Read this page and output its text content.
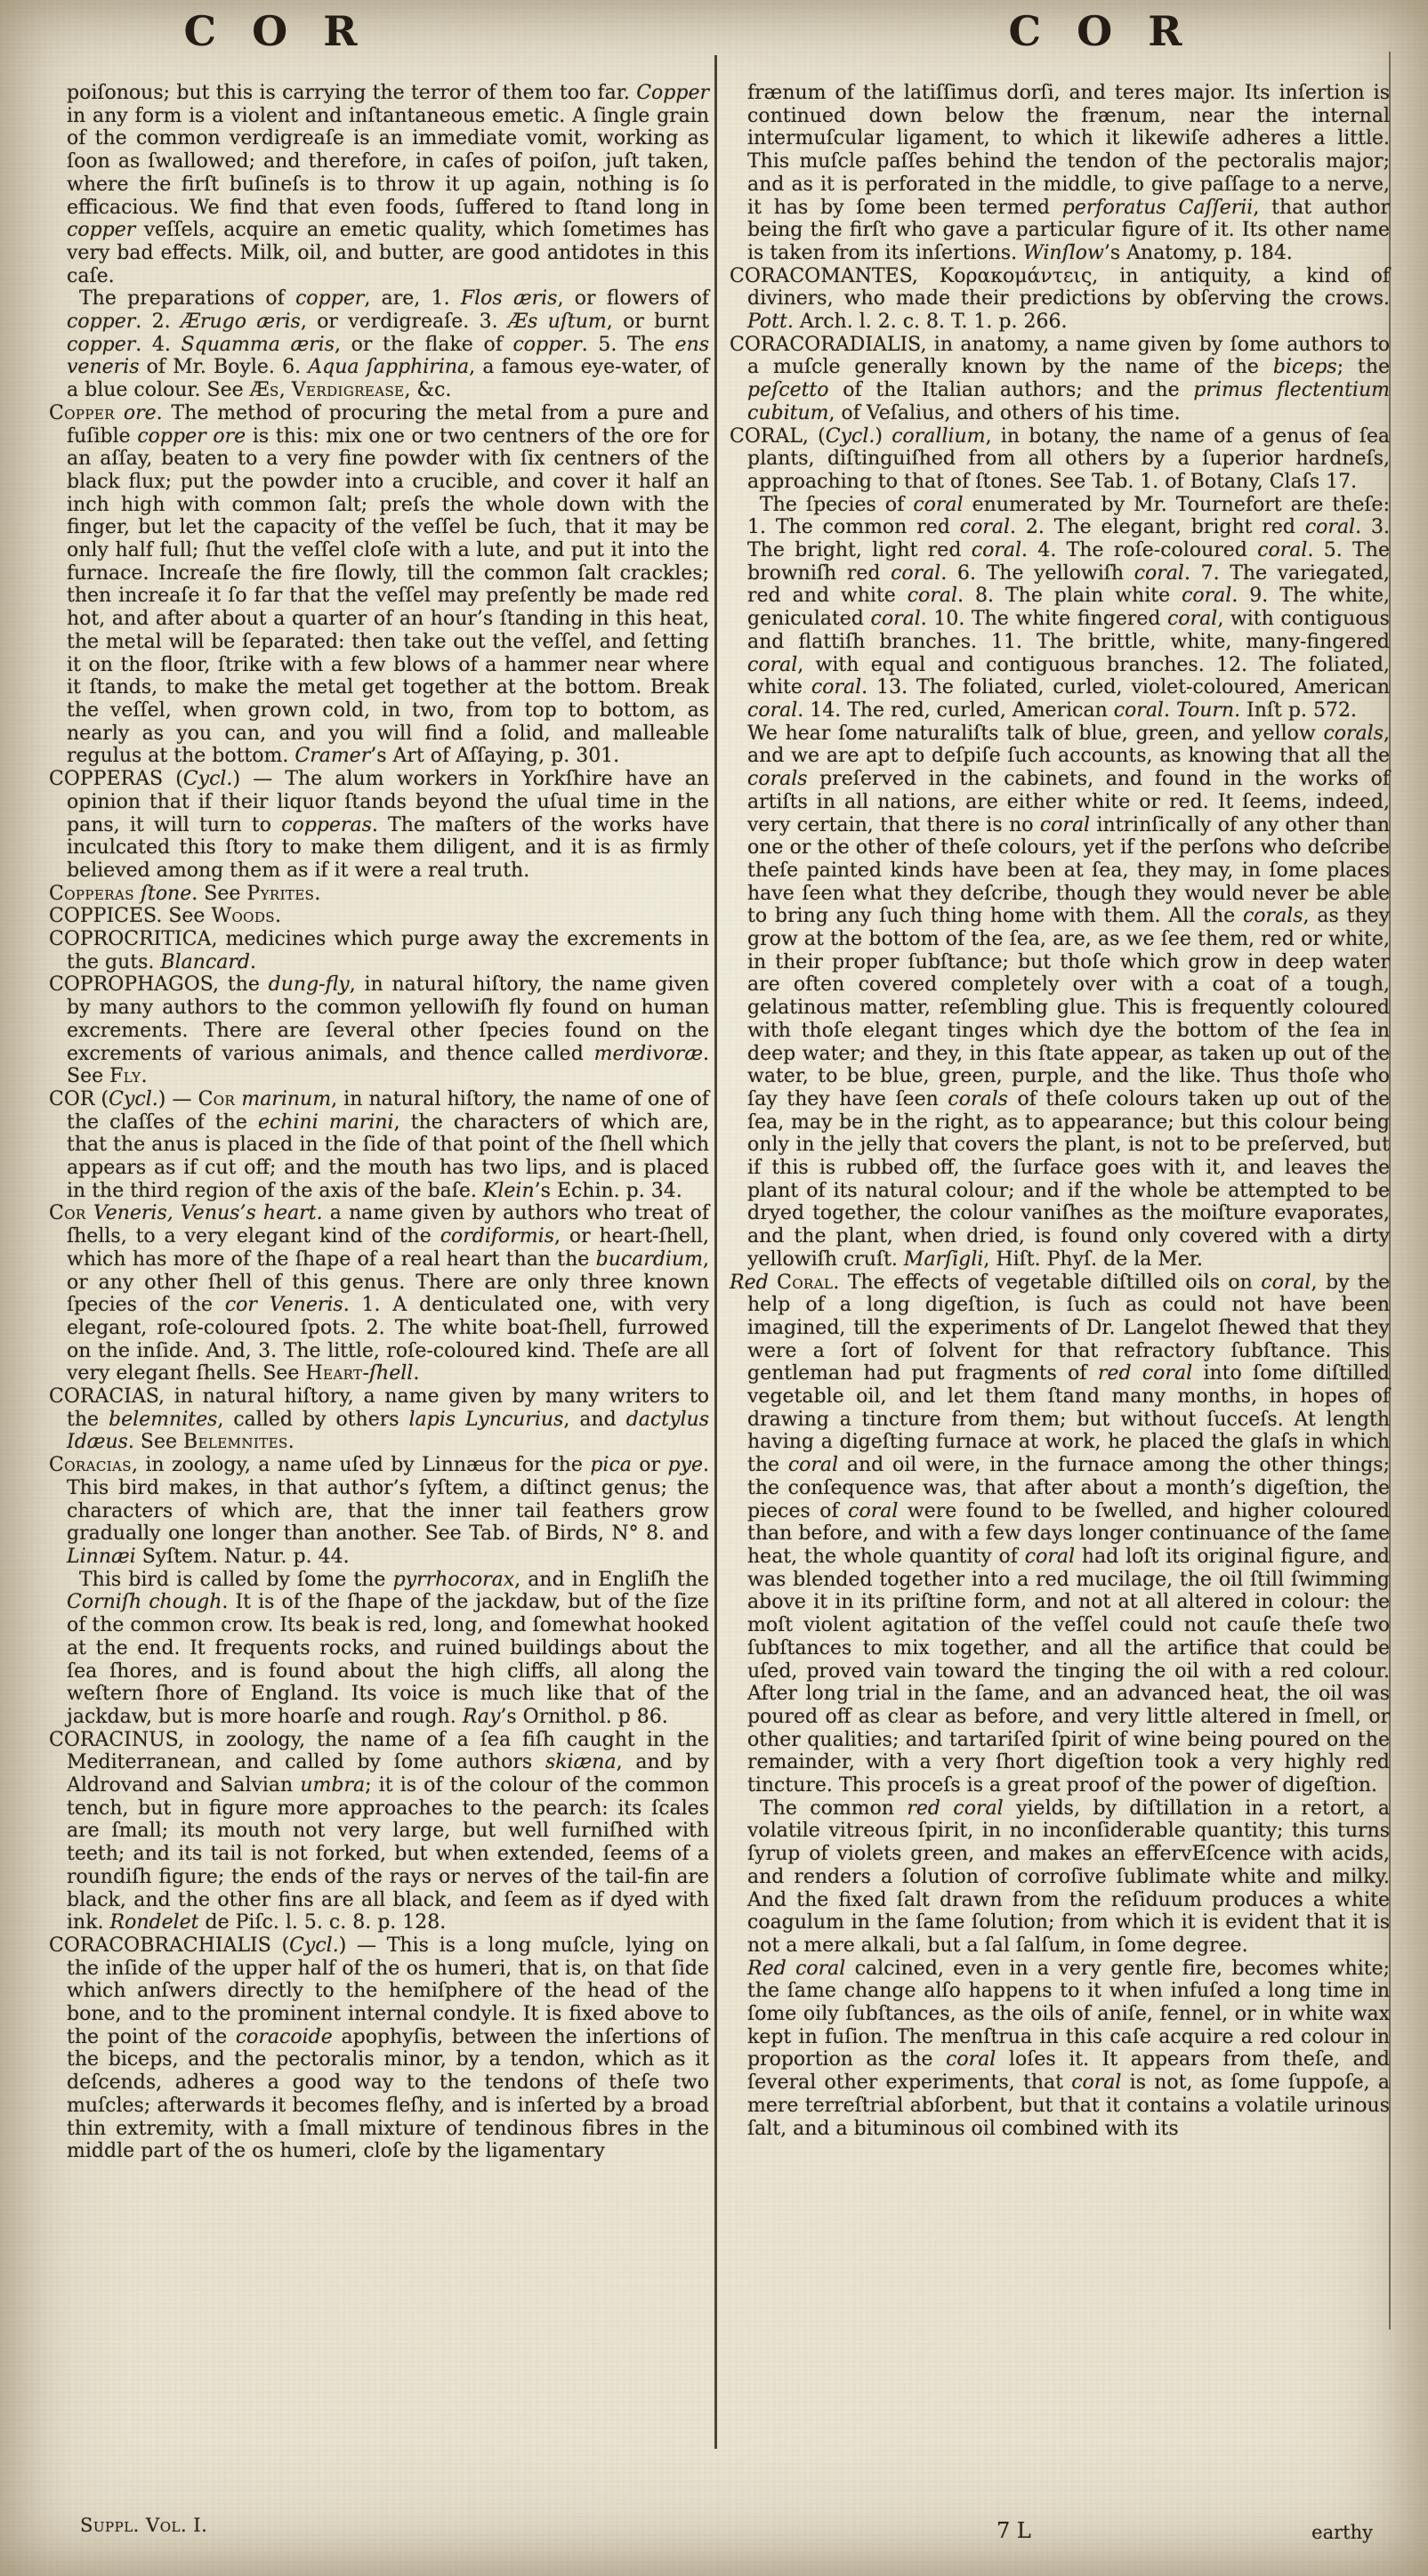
C O R

poiſonous; but this is carrying the terror of them too far. Copper in any form is a violent and inſtantaneous emetic. A ſingle grain of the common verdigreaſe is an immediate vomit, working as ſoon as ſwallowed; and therefore, in caſes of poiſon, juſt taken, where the firſt buſineſs is to throw it up again, nothing is ſo efficacious. We find that even foods, ſuffered to ſtand long in copper veſſels, acquire an emetic quality, which ſometimes has very bad effects. Milk, oil, and butter, are good antidotes in this caſe.

The preparations of copper, are, 1. Flos æris, or flowers of copper. 2. Ærugo æris, or verdigreaſe. 3. Æs uſtum, or burnt copper. 4. Squamma æris, or the flake of copper. 5. The ens veneris of Mr. Boyle. 6. Aqua ſapphirina, a famous eye-water, of a blue colour. See Æs, Verdigrease, &c.

Copper ore. The method of procuring the metal from a pure and fuſible copper ore is this: mix one or two centners of the ore for an aſſay, beaten to a very fine powder with ſix centners of the black flux; put the powder into a crucible, and cover it half an inch high with common ſalt; preſs the whole down with the finger, but let the capacity of the veſſel be ſuch, that it may be only half full; ſhut the veſſel cloſe with a lute, and put it into the furnace. Increaſe the fire ſlowly, till the common ſalt crackles; then increaſe it ſo far that the veſſel may preſently be made red hot, and after about a quarter of an hour’s ſtanding in this heat, the metal will be ſeparated: then take out the veſſel, and ſetting it on the floor, ſtrike with a few blows of a hammer near where it ſtands, to make the metal get together at the bottom. Break the veſſel, when grown cold, in two, from top to bottom, as nearly as you can, and you will find a ſolid, and malleable regulus at the bottom. Cramer’s Art of Aſſaying, p. 301.

COPPERAS (Cycl.) — The alum workers in Yorkſhire have an opinion that if their liquor ſtands beyond the uſual time in the pans, it will turn to copperas. The maſters of the works have inculcated this ſtory to make them diligent, and it is as firmly believed among them as if it were a real truth.

Copperas ſtone. See Pyrites.

COPPICES. See Woods.

COPROCRITICA, medicines which purge away the excrements in the guts. Blancard.

COPROPHAGOS, the dung-fly, in natural hiſtory, the name given by many authors to the common yellowiſh fly found on human excrements. There are ſeveral other ſpecies found on the excrements of various animals, and thence called merdivoræ. See Fly.

COR (Cycl.) — Cor marinum, in natural hiſtory, the name of one of the claſſes of the echini marini, the characters of which are, that the anus is placed in the ſide of that point of the ſhell which appears as if cut off; and the mouth has two lips, and is placed in the third region of the axis of the baſe. Klein’s Echin. p. 34.

Cor Veneris, Venus’s heart. a name given by authors who treat of ſhells, to a very elegant kind of the cordiformis, or heart-ſhell, which has more of the ſhape of a real heart than the bucardium, or any other ſhell of this genus. There are only three known ſpecies of the cor Veneris. 1. A denticulated one, with very elegant, roſe-coloured ſpots. 2. The white boat-ſhell, furrowed on the inſide. And, 3. The little, roſe-coloured kind. Theſe are all very elegant ſhells. See Heart-ſhell.

CORACIAS, in natural hiſtory, a name given by many writers to the belemnites, called by others lapis Lyncurius, and dactylus Idæus. See Belemnites.

Coracias, in zoology, a name uſed by Linnæus for the pica or pye. This bird makes, in that author’s ſyſtem, a diſtinct genus; the characters of which are, that the inner tail feathers grow gradually one longer than another. See Tab. of Birds, N° 8. and Linnæi Syſtem. Natur. p. 44.

This bird is called by ſome the pyrrhocorax, and in Engliſh the Corniſh chough. It is of the ſhape of the jackdaw, but of the ſize of the common crow. Its beak is red, long, and ſomewhat hooked at the end. It frequents rocks, and ruined buildings about the ſea ſhores, and is found about the high cliffs, all along the weſtern ſhore of England. Its voice is much like that of the jackdaw, but is more hoarſe and rough. Ray’s Ornithol. p 86.

CORACINUS, in zoology, the name of a ſea fiſh caught in the Mediterranean, and called by ſome authors skiæna, and by Aldrovand and Salvian umbra; it is of the colour of the common tench, but in figure more approaches to the pearch: its ſcales are ſmall; its mouth not very large, but well furniſhed with teeth; and its tail is not forked, but when extended, ſeems of a roundiſh figure; the ends of the rays or nerves of the tail-fin are black, and the other fins are all black, and ſeem as if dyed with ink. Rondelet de Piſc. l. 5. c. 8. p. 128.

CORACOBRACHIALIS (Cycl.) — This is a long muſcle, lying on the inſide of the upper half of the os humeri, that is, on that ſide which anſwers directly to the hemiſphere of the head of the bone, and to the prominent internal condyle. It is fixed above to the point of the coracoide apophyſis, between the inſertions of the biceps, and the pectoralis minor, by a tendon, which as it deſcends, adheres a good way to the tendons of theſe two muſcles; afterwards it becomes fleſhy, and is inſerted by a broad thin extremity, with a ſmall mixture of tendinous fibres in the middle part of the os humeri, cloſe by the ligamentary

C O R

frænum of the latiſſimus dorſi, and teres major. Its inſertion is continued down below the frænum, near the internal intermuſcular ligament, to which it likewiſe adheres a little. This muſcle paſſes behind the tendon of the pectoralis major; and as it is perforated in the middle, to give paſſage to a nerve, it has by ſome been termed perforatus Caſſerii, that author being the firſt who gave a particular figure of it. Its other name is taken from its inſertions. Winſlow’s Anatomy, p. 184.

CORACOMANTES, Κορακομάντεις, in antiquity, a kind of diviners, who made their predictions by obſerving the crows. Pott. Arch. l. 2. c. 8. T. 1. p. 266.

CORACORADIALIS, in anatomy, a name given by ſome authors to a muſcle generally known by the name of the biceps; the peſcetto of the Italian authors; and the primus flectentium cubitum, of Veſalius, and others of his time.

CORAL, (Cycl.) corallium, in botany, the name of a genus of ſea plants, diſtinguiſhed from all others by a ſuperior hardneſs, approaching to that of ſtones. See Tab. 1. of Botany, Claſs 17.

The ſpecies of coral enumerated by Mr. Tournefort are theſe: 1. The common red coral. 2. The elegant, bright red coral. 3. The bright, light red coral. 4. The roſe-coloured coral. 5. The browniſh red coral. 6. The yellowiſh coral. 7. The variegated, red and white coral. 8. The plain white coral. 9. The white, geniculated coral. 10. The white fingered coral, with contiguous and flattiſh branches. 11. The brittle, white, many-fingered coral, with equal and contiguous branches. 12. The foliated, white coral. 13. The foliated, curled, violet-coloured, American coral. 14. The red, curled, American coral. Tourn. Inſt p. 572.

We hear ſome naturaliſts talk of blue, green, and yellow corals, and we are apt to deſpiſe ſuch accounts, as knowing that all the corals preſerved in the cabinets, and found in the works of artiſts in all nations, are either white or red. It ſeems, indeed, very certain, that there is no coral intrinſically of any other than one or the other of theſe colours, yet if the perſons who deſcribe theſe painted kinds have been at ſea, they may, in ſome places have ſeen what they deſcribe, though they would never be able to bring any ſuch thing home with them. All the corals, as they grow at the bottom of the ſea, are, as we ſee them, red or white, in their proper ſubſtance; but thoſe which grow in deep water are often covered completely over with a coat of a tough, gelatinous matter, reſembling glue. This is frequently coloured with thoſe elegant tinges which dye the bottom of the ſea in deep water; and they, in this ſtate appear, as taken up out of the water, to be blue, green, purple, and the like. Thus thoſe who ſay they have ſeen corals of theſe colours taken up out of the ſea, may be in the right, as to appearance; but this colour being only in the jelly that covers the plant, is not to be preſerved, but if this is rubbed off, the ſurface goes with it, and leaves the plant of its natural colour; and if the whole be attempted to be dryed together, the colour vaniſhes as the moiſture evaporates, and the plant, when dried, is found only covered with a dirty yellowiſh cruſt. Marſigli, Hiſt. Phyſ. de la Mer.

Red Coral. The effects of vegetable diſtilled oils on coral, by the help of a long digeſtion, is ſuch as could not have been imagined, till the experiments of Dr. Langelot ſhewed that they were a ſort of ſolvent for that refractory ſubſtance. This gentleman had put fragments of red coral into ſome diſtilled vegetable oil, and let them ſtand many months, in hopes of drawing a tincture from them; but without ſucceſs. At length having a digeſting furnace at work, he placed the glaſs in which the coral and oil were, in the furnace among the other things; the conſequence was, that after about a month’s digeſtion, the pieces of coral were found to be ſwelled, and higher coloured than before, and with a few days longer continuance of the ſame heat, the whole quantity of coral had loſt its original figure, and was blended together into a red mucilage, the oil ſtill ſwimming above it in its priſtine form, and not at all altered in colour: the moſt violent agitation of the veſſel could not cauſe theſe two ſubſtances to mix together, and all the artifice that could be uſed, proved vain toward the tinging the oil with a red colour. After long trial in the ſame, and an advanced heat, the oil was poured off as clear as before, and very little altered in ſmell, or other qualities; and tartariſed ſpirit of wine being poured on the remainder, with a very ſhort digeſtion took a very highly red tincture. This proceſs is a great proof of the power of digeſtion.

The common red coral yields, by diſtillation in a retort, a volatile vitreous ſpirit, in no inconſiderable quantity; this turns ſyrup of violets green, and makes an effervEſcence with acids, and renders a ſolution of corroſive ſublimate white and milky. And the fixed ſalt drawn from the reſiduum produces a white coagulum in the ſame ſolution; from which it is evident that it is not a mere alkali, but a ſal ſalſum, in ſome degree.

Red coral calcined, even in a very gentle fire, becomes white; the ſame change alſo happens to it when infuſed a long time in ſome oily ſubſtances, as the oils of aniſe, fennel, or in white wax kept in fuſion. The menſtrua in this caſe acquire a red colour in proportion as the coral loſes it. It appears from theſe, and ſeveral other experiments, that coral is not, as ſome ſuppoſe, a mere terreſtrial abſorbent, but that it contains a volatile urinous ſalt, and a bituminous oil combined with its

Suppl. Vol. I.	7 L	earthy
